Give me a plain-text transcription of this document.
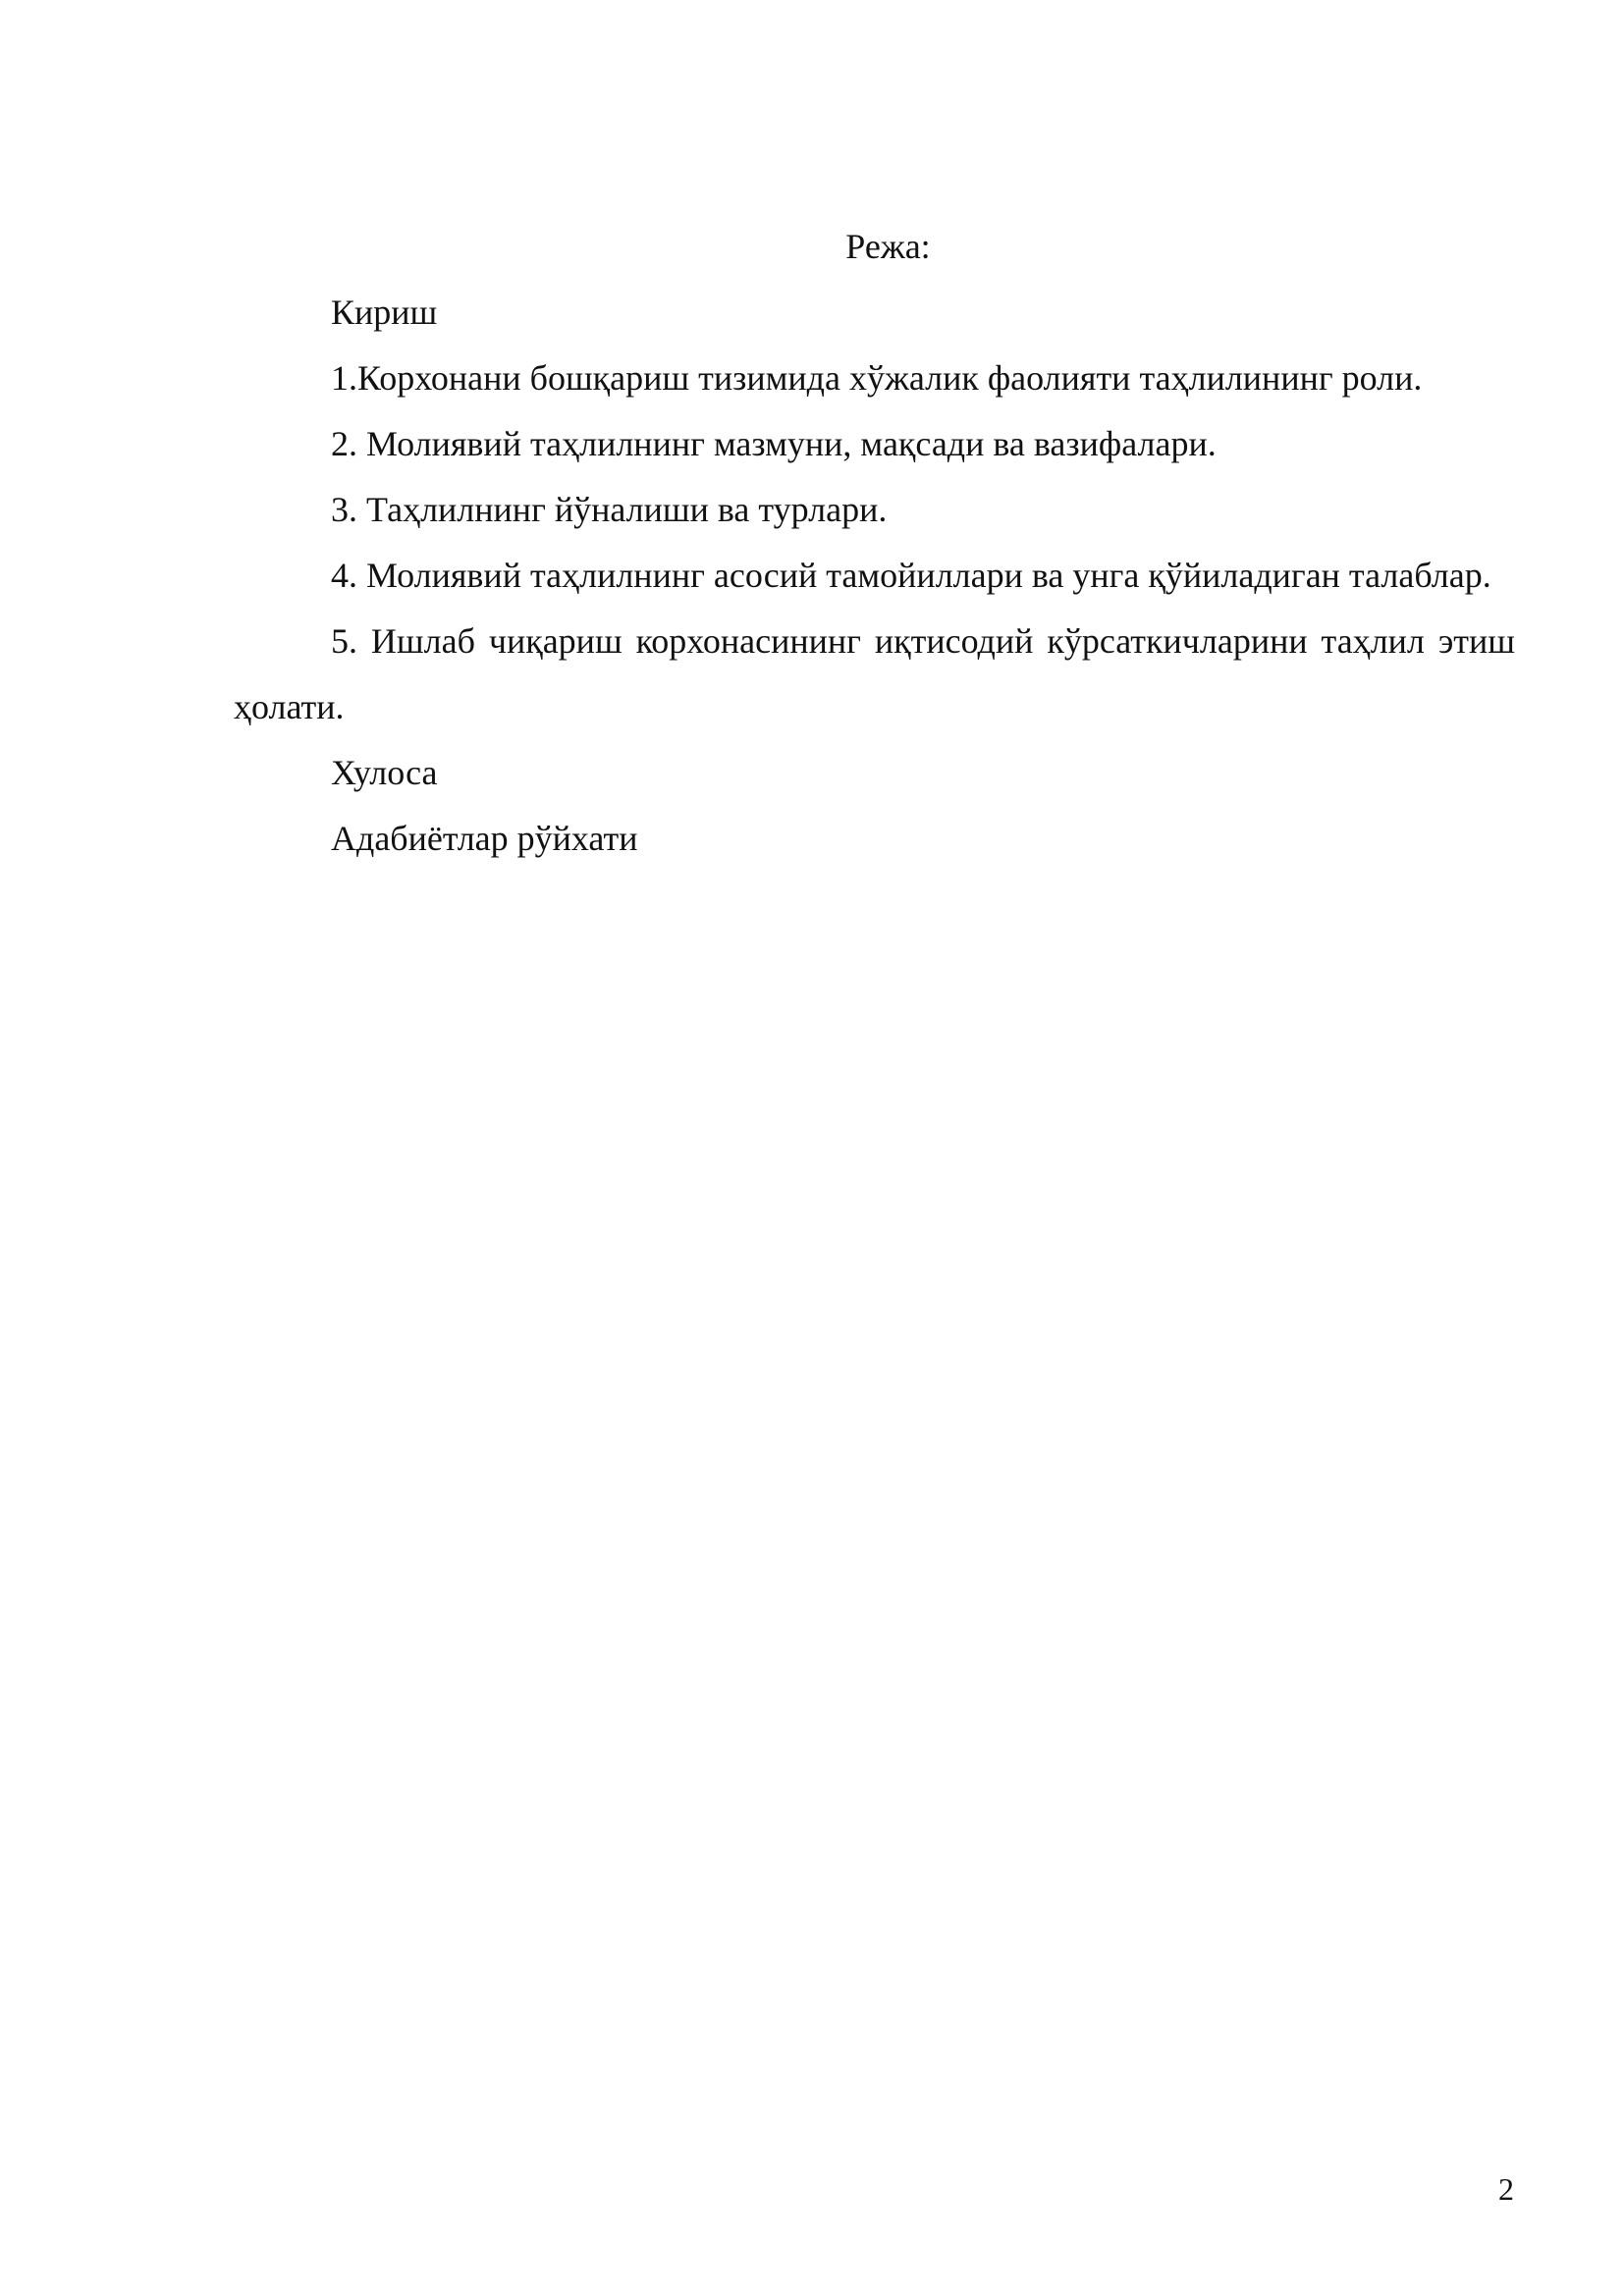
Режа:

Кириш

1.Корхонани бошқариш тизимида хўжалик фаолияти таҳлилининг роли.

2. Молиявий таҳлилнинг мазмуни, мақсади ва вазифалари.

3. Таҳлилнинг йўналиши ва турлари.

4. Молиявий таҳлилнинг асосий тамойиллари ва унга қўйиладиган талаблар.

5. Ишлаб чиқариш корхонасининг иқтисодий кўрсаткичларини таҳлил этиш ҳолати.

Хулоса

Адабиётлар рўйхати

2
